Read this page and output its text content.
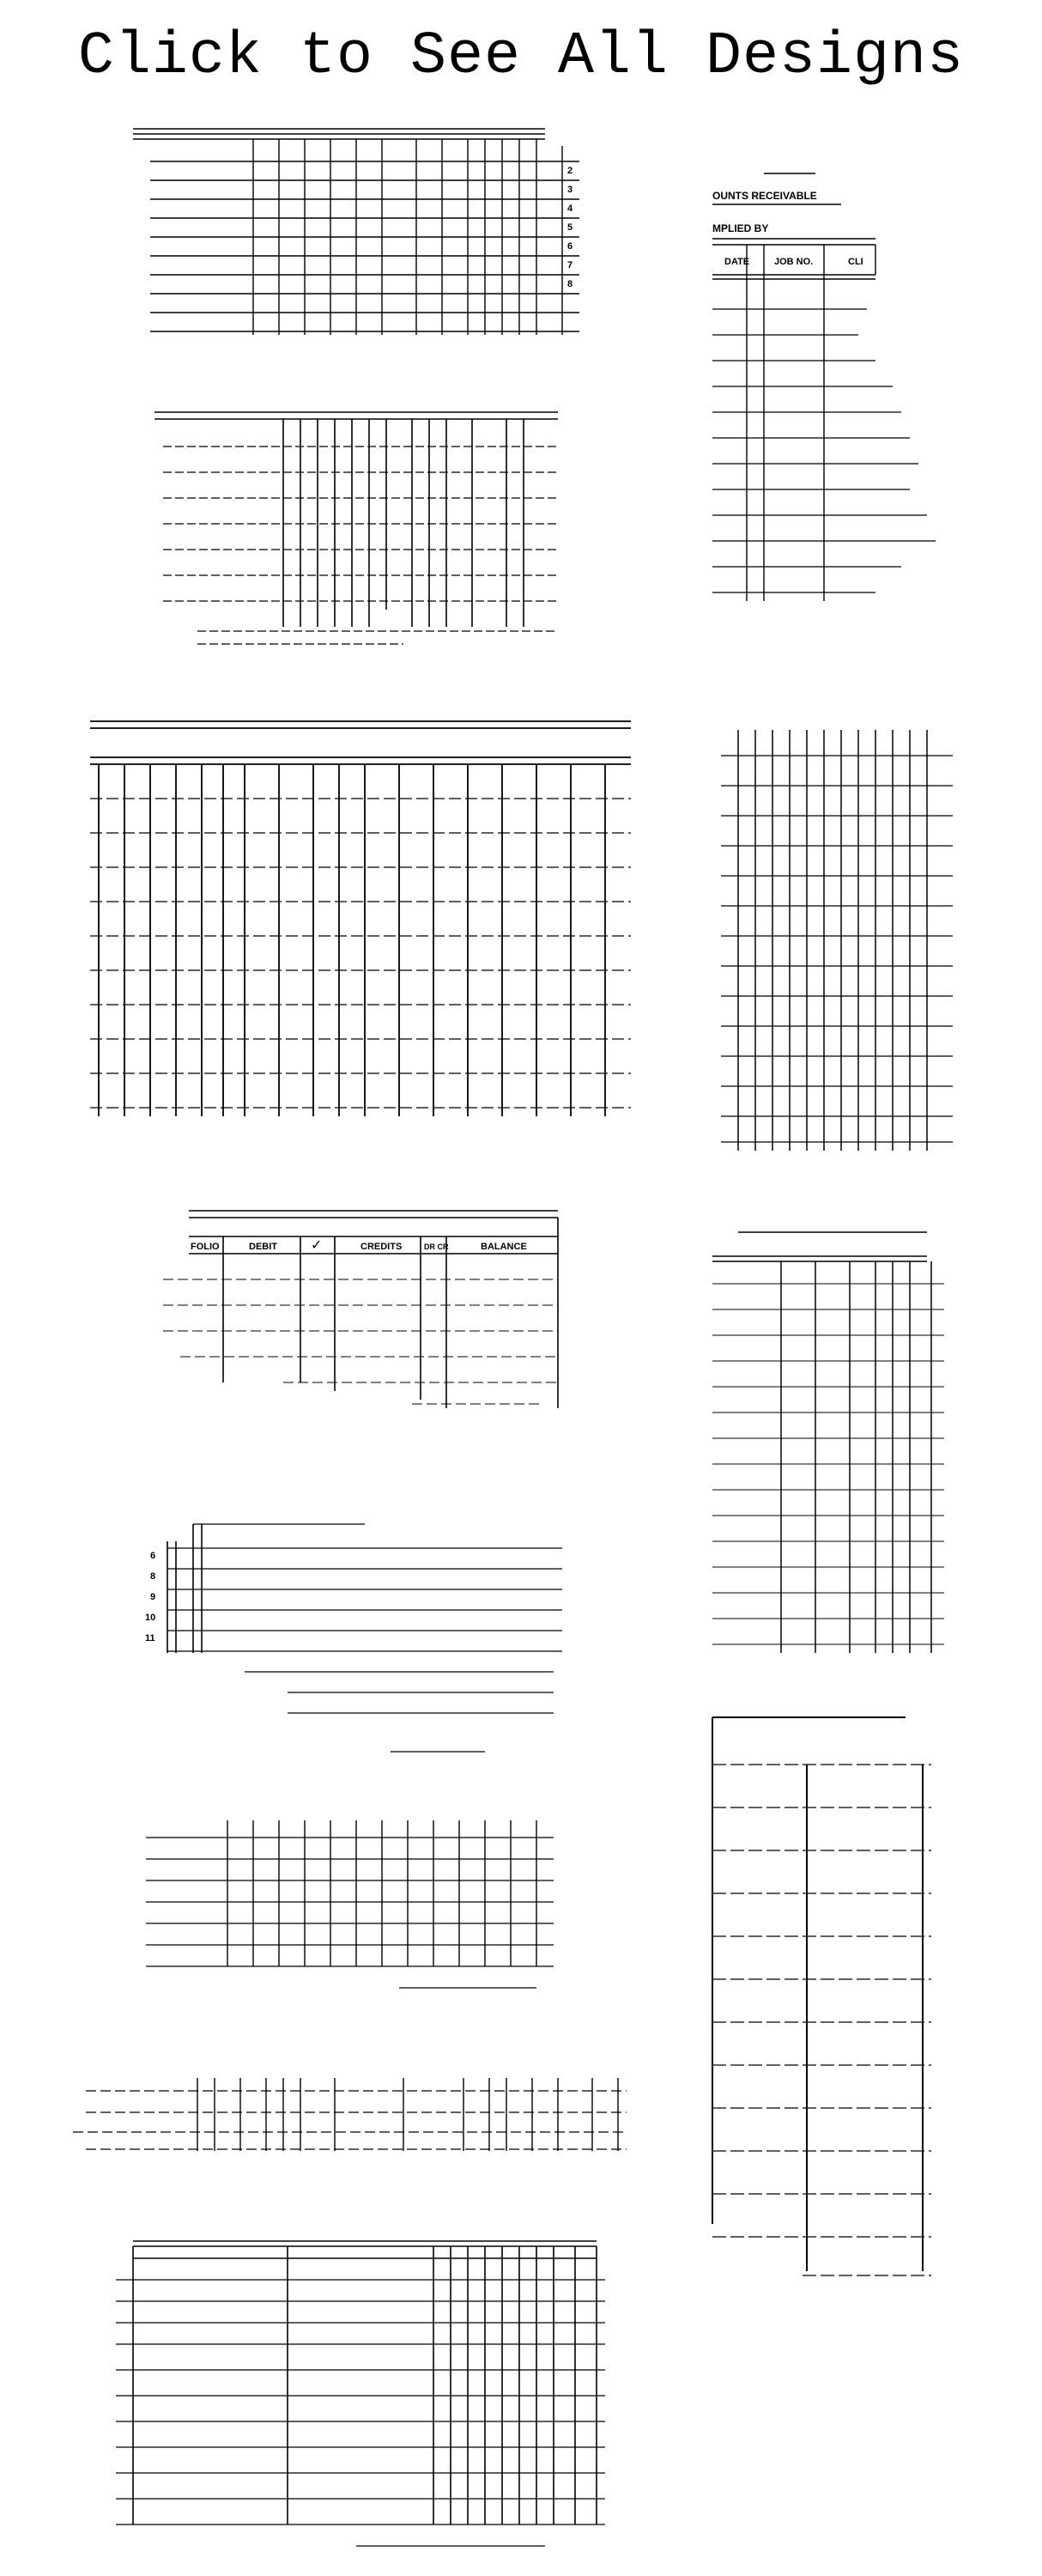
Click to See All Designs
2
3
4
5
6
7
8
OUNTS RECEIVABLE
MPLIED BY
DATE	JOB NO.	CLI
FOLIO	DEBIT ✓	CREDITS	DR CR	BALANCE
6
8
9
10
11
